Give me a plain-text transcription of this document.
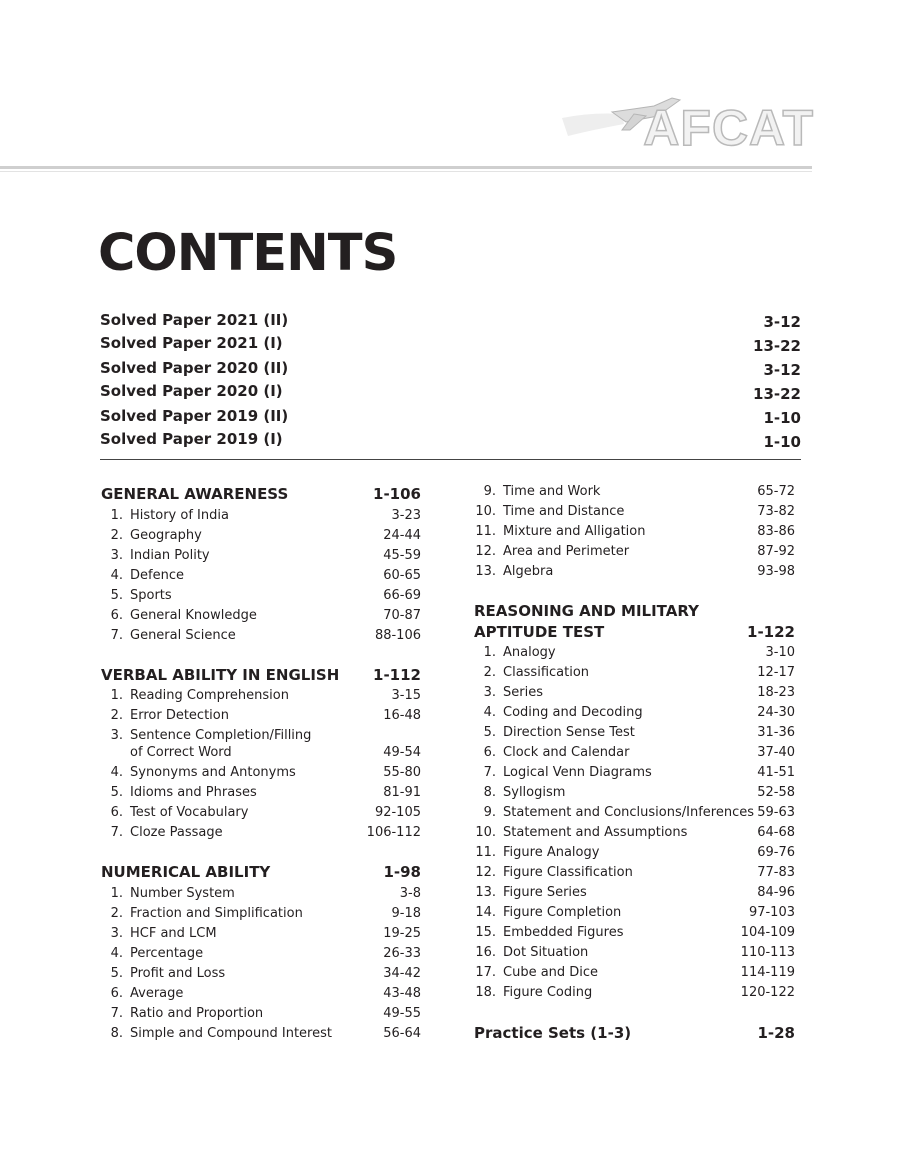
AFCAT
CONTENTS
Solved Paper 2021 (II)	3-12
Solved Paper 2021 (I)	13-22
Solved Paper 2020 (II)	3-12
Solved Paper 2020 (I)	13-22
Solved Paper 2019 (II)	1-10
Solved Paper 2019 (I)	1-10
GENERAL AWARENESS	1-106
1. History of India	3-23
2. Geography	24-44
3. Indian Polity	45-59
4. Defence	60-65
5. Sports	66-69
6. General Knowledge	70-87
7. General Science	88-106
VERBAL ABILITY IN ENGLISH 1-112
1. Reading Comprehension	3-15
2. Error Detection	16-48
3. Sentence Completion/Filling
of Correct Word	49-54
4. Synonyms and Antonyms	55-80
5. Idioms and Phrases	81-91
6. Test of Vocabulary	92-105
7. Cloze Passage	106-112
NUMERICAL ABILITY	1-98
1. Number System	3-8
2. Fraction and Simplification	9-18
3. HCF and LCM	19-25
4. Percentage	26-33
5. Profit and Loss	34-42
6. Average	43-48
7. Ratio and Proportion	49-55
8. Simple and Compound Interest	56-64
9. Time and Work	65-72
10. Time and Distance	73-82
11. Mixture and Alligation	83-86
12. Area and Perimeter	87-92
13. Algebra	93-98
REASONING AND MILITARY
APTITUDE TEST	1-122
1. Analogy	3-10
2. Classification	12-17
3. Series	18-23
4. Coding and Decoding	24-30
5. Direction Sense Test	31-36
6. Clock and Calendar	37-40
7. Logical Venn Diagrams	41-51
8. Syllogism	52-58
9. Statement and Conclusions/Inferences 59-63
10. Statement and Assumptions	64-68
11. Figure Analogy	69-76
12. Figure Classification	77-83
13. Figure Series	84-96
14. Figure Completion	97-103
15. Embedded Figures	104-109
16. Dot Situation	110-113
17. Cube and Dice	114-119
18. Figure Coding	120-122
Practice Sets (1-3)	1-28
